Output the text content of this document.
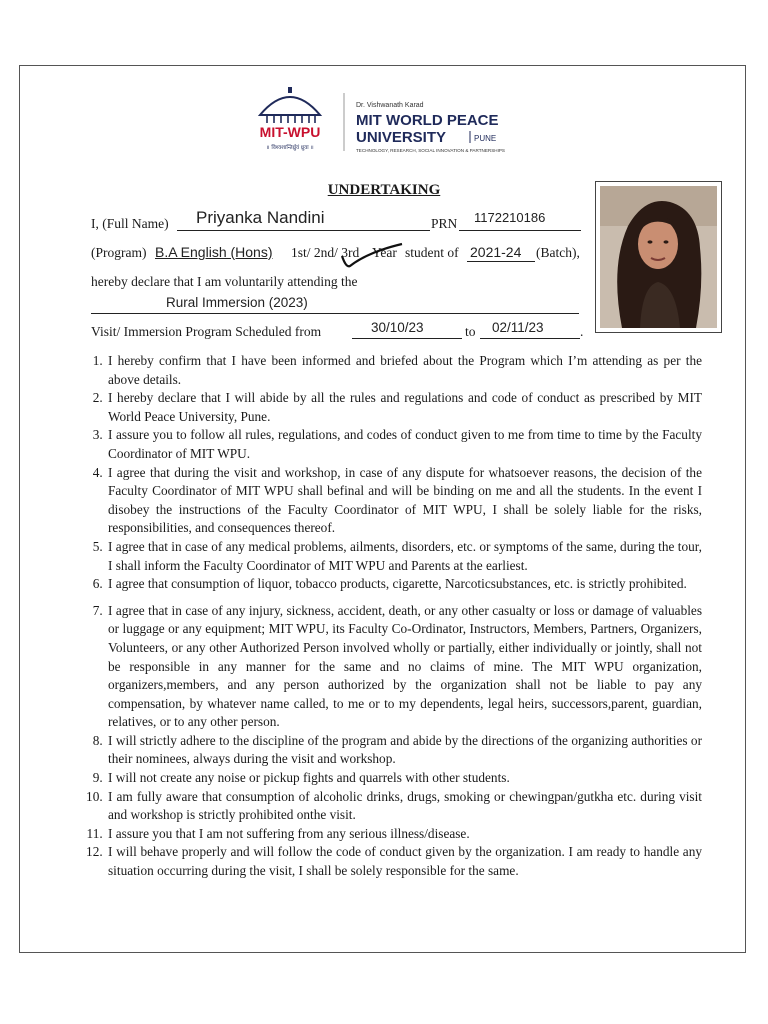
MIT-WPU
॥ विश्वशान्तिर्ध्रुवं ध्रुवा ॥
Dr. Vishwanath Karad
MIT WORLD PEACE
UNIVERSITY	PUNE
TECHNOLOGY, RESEARCH, SOCIAL INNOVATION & PARTNERSHIPS
UNDERTAKING
I, (Full Name) Priyanka Nandini	PRN 1172210186
(Program) B.A English (Hons) 1st/ 2nd/ 3rd Year student of 2021-24 (Batch),
hereby declare that I am voluntarily attending the
Rural Immersion (2023)
Visit/ Immersion Program Scheduled from	30/10/23	to 02/11/23	.
1. I hereby confirm that I have been informed and briefed about the Program which I’m attending as per the above details.
2. I hereby declare that I will abide by all the rules and regulations and code of conduct as prescribed by MIT World Peace University, Pune.
3. I assure you to follow all rules, regulations, and codes of conduct given to me from time to time by the Faculty Coordinator of MIT WPU.
4. I agree that during the visit and workshop, in case of any dispute for whatsoever reasons, the decision of the Faculty Coordinator of MIT WPU shall befinal and will be binding on me and all the students. In the event I disobey the instructions of the Faculty Coordinator of MIT WPU, I shall be solely liable for the risks, responsibilities, and consequences thereof.
5. I agree that in case of any medical problems, ailments, disorders, etc. or symptoms of the same, during the tour, I shall inform the Faculty Coordinator of MIT WPU and Parents at the earliest.
6. I agree that consumption of liquor, tobacco products, cigarette, Narcoticsubstances, etc. is strictly prohibited.
7. I agree that in case of any injury, sickness, accident, death, or any other casualty or loss or damage of valuables or luggage or any equipment; MIT WPU, its Faculty Co-Ordinator, Instructors, Members, Partners, Organizers, Volunteers, or any other Authorized Person involved wholly or partially, either individually or jointly, shall not be responsible in any manner for the same and no claims of mine. The MIT WPU organization, organizers,members, and any person authorized by the organization shall not be liable to pay any compensation, by whatever name called, to me or to my dependents, legal heirs, successors,parent, guardian, relatives, or to any other person.
8. I will strictly adhere to the discipline of the program and abide by the directions of the organizing authorities or their nominees, always during the visit and workshop.
9. I will not create any noise or pickup fights and quarrels with other students.
10. I am fully aware that consumption of alcoholic drinks, drugs, smoking or chewingpan/gutkha etc. during visit and workshop is strictly prohibited onthe visit.
11. I assure you that I am not suffering from any serious illness/disease.
12. I will behave properly and will follow the code of conduct given by the organization. I am ready to handle any situation occurring during the visit, I shall be solely responsible for the same.
